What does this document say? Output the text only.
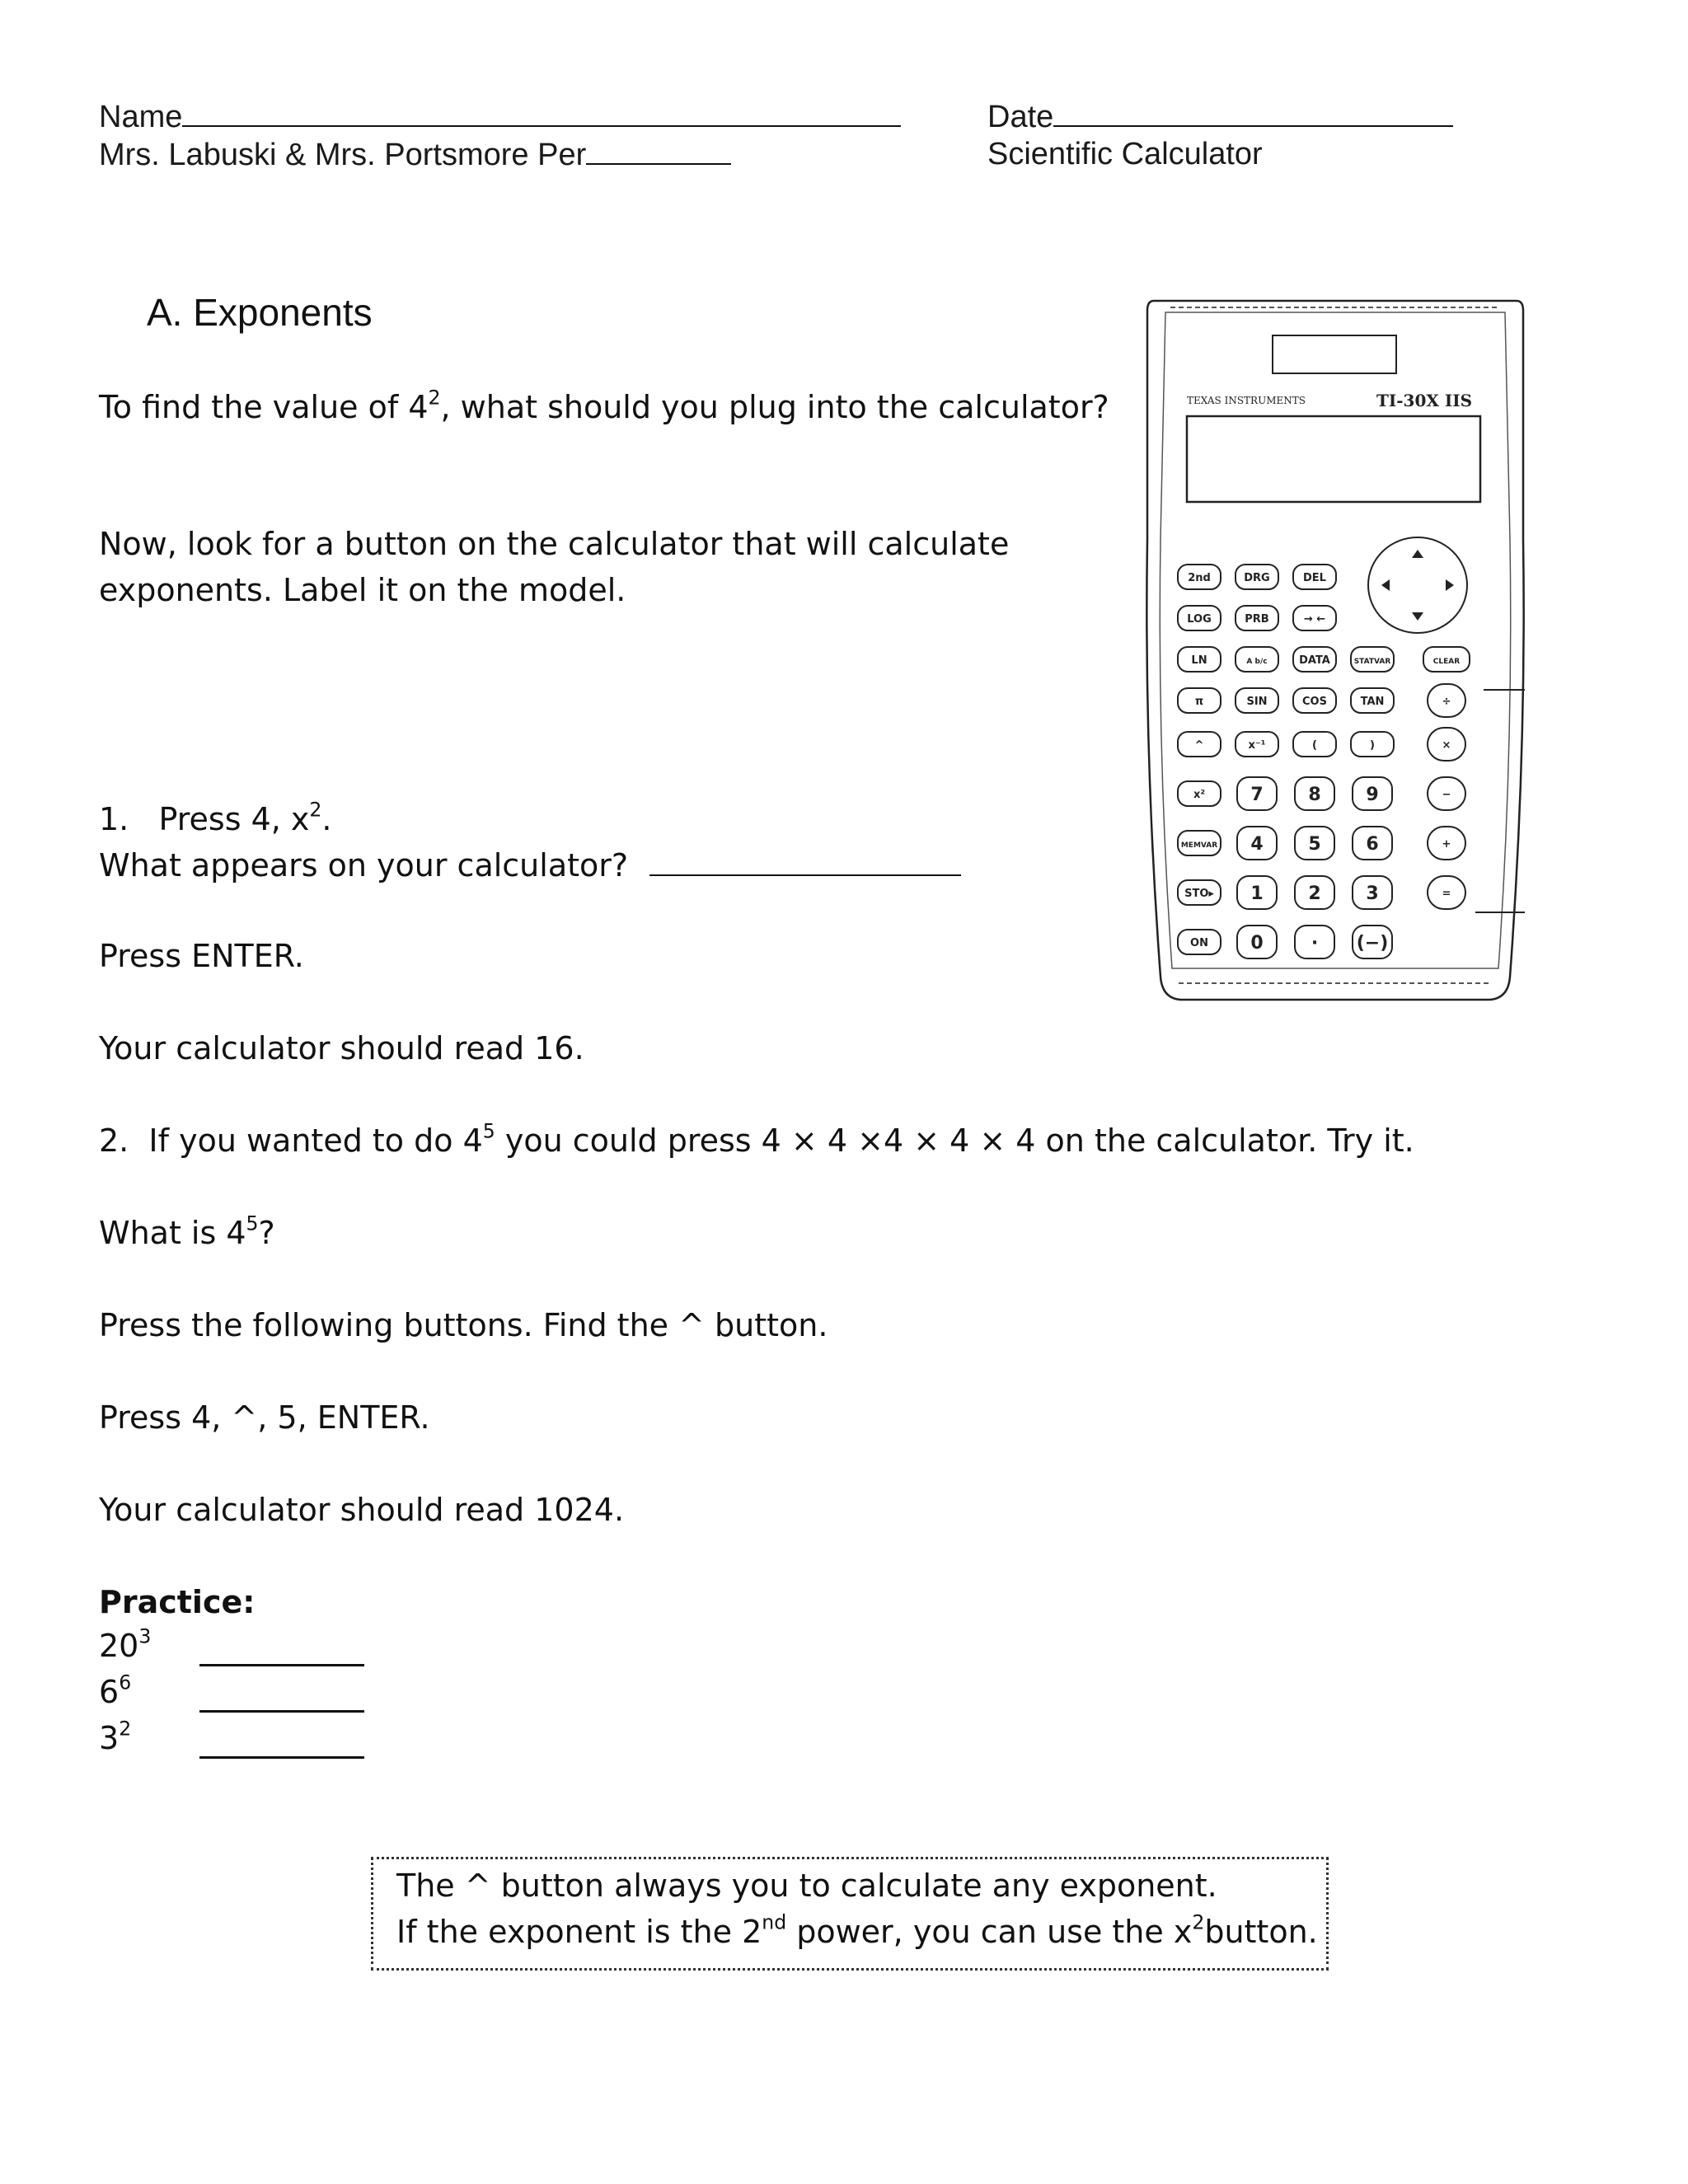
Name
Mrs. Labuski & Mrs. Portsmore Per
Date
Scientific Calculator
A. Exponents
To find the value of $4^2$, what should you plug into the calculator?
Now, look for a button on the calculator that will calculate
exponents. Label it on the model.
1.   Press 4, $x^2$.
What appears on your calculator?
Press ENTER.
Your calculator should read 16.
2.  If you wanted to do $4^5$ you could press 4 × 4 ×4 × 4 × 4 on the calculator. Try it.
What is $4^5$?
Press the following buttons. Find the ^ button.
Press 4, ^, 5, ENTER.
Your calculator should read 1024.
Practice:
$20^3$
$6^6$
$3^2$
The ^ button always you to calculate any exponent.
If the exponent is the 2nd power, you can use the $x^2button$.
TEXAS INSTRUMENTS	TI-30X IIS
2nd	DRG	DEL
LOG	PRB	→ ←
LN	A b/c	DATA	STATVAR	CLEAR
π	SIN	COS	TAN	÷
^	x⁻¹	(	)	×
x²	7 8 9	−
MEMVAR 4 5 6	+
STO▸ 1 2 3	=
ON 0	· (−)
